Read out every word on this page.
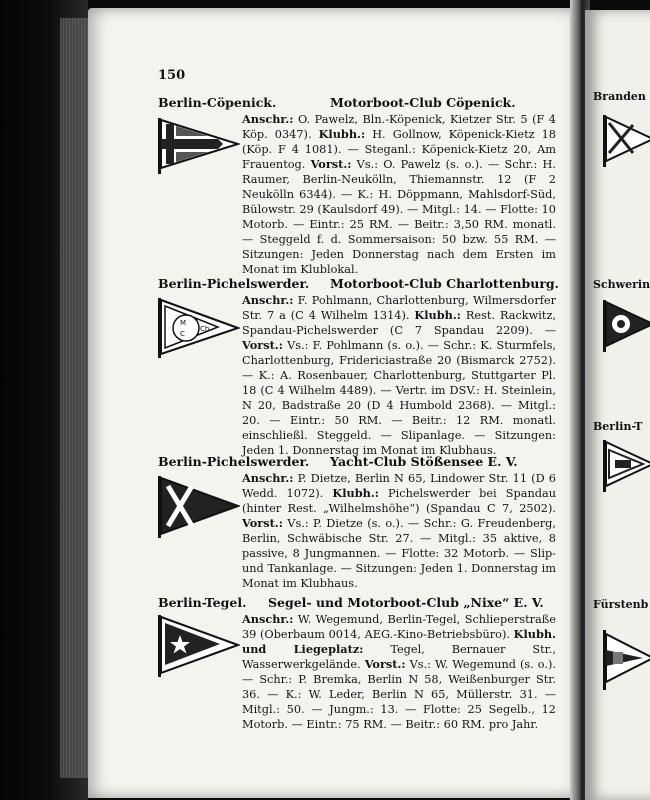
150
Berlin-Cöpenick.	Motorboot-Club Cöpenick.
Anschr.: O. Pawelz, Bln.-Köpenick, Kietzer Str. 5 (F 4 Köp. 0347). Klubh.: H. Gollnow, Köpenick-Kietz 18 (Köp. F 4 1081). — Steganl.: Köpenick-Kietz 20, Am Frauentog. Vorst.: Vs.: O. Pawelz (s. o.). — Schr.: H. Raumer, Berlin-Neukölln, Thiemannstr. 12 (F 2 Neukölln 6344). — K.: H. Döppmann, Mahlsdorf-Süd, Bülowstr. 29 (Kaulsdorf 49). — Mitgl.: 14. — Flotte: 10 Motorb. — Eintr.: 25 RM. — Beitr.: 3,50 RM. monatl. — Steggeld f. d. Sommersaison: 50 bzw. 55 RM. — Sitzungen: Jeden Donnerstag nach dem Ersten im Monat im Klublokal.
Berlin-Pichelswerder. Motorboot-Club Charlottenburg.
M
C
Ch.
Anschr.: F. Pohlmann, Charlottenburg, Wilmersdorfer Str. 7 a (C 4 Wilhelm 1314). Klubh.: Rest. Rackwitz, Spandau-Pichelswerder (C 7 Spandau 2209). — Vorst.: Vs.: F. Pohlmann (s. o.). — Schr.: K. Sturmfels, Charlottenburg, Fridericiastraße 20 (Bismarck 2752). — K.: A. Rosenbauer, Charlottenburg, Stuttgarter Pl. 18 (C 4 Wilhelm 4489). — Vertr. im DSV.: H. Steinlein, N 20, Badstraße 20 (D 4 Humbold 2368). — Mitgl.: 20. — Eintr.: 50 RM. — Beitr.: 12 RM. monatl. einschließl. Steggeld. — Slipanlage. — Sitzungen: Jeden 1. Donnerstag im Monat im Klubhaus.
Berlin-Pichelswerder. Yacht-Club Stößensee E. V.
Anschr.: P. Dietze, Berlin N 65, Lindower Str. 11 (D 6 Wedd. 1072). Klubh.: Pichelswerder bei Spandau (hinter Rest. „Wilhelmshöhe“) (Spandau C 7, 2502). Vorst.: Vs.: P. Dietze (s. o.). — Schr.: G. Freudenberg, Berlin, Schwäbische Str. 27. — Mitgl.: 35 aktive, 8 passive, 8 Jungmannen. — Flotte: 32 Motorb. — Slip- und Tankanlage. — Sitzungen: Jeden 1. Donnerstag im Monat im Klubhaus.
Berlin-Tegel.	Segel- und Motorboot-Club „Nixe“ E. V.
Anschr.: W. Wegemund, Berlin-Tegel, Schlieperstraße 39 (Oberbaum 0014, AEG.-Kino-Betriebsbüro). Klubh. und Liegeplatz: Tegel, Bernauer Str., Wasserwerkgelände. Vorst.: Vs.: W. Wegemund (s. o.). — Schr.: P. Bremka, Berlin N 58, Weißenburger Str. 36. — K.: W. Leder, Berlin N 65, Müllerstr. 31. — Mitgl.: 50. — Jungm.: 13. — Flotte: 25 Segelb., 12 Motorb. — Eintr.: 75 RM. — Beitr.: 60 RM. pro Jahr.
Branden
Schwerin
Berlin-T
Fürstenb
